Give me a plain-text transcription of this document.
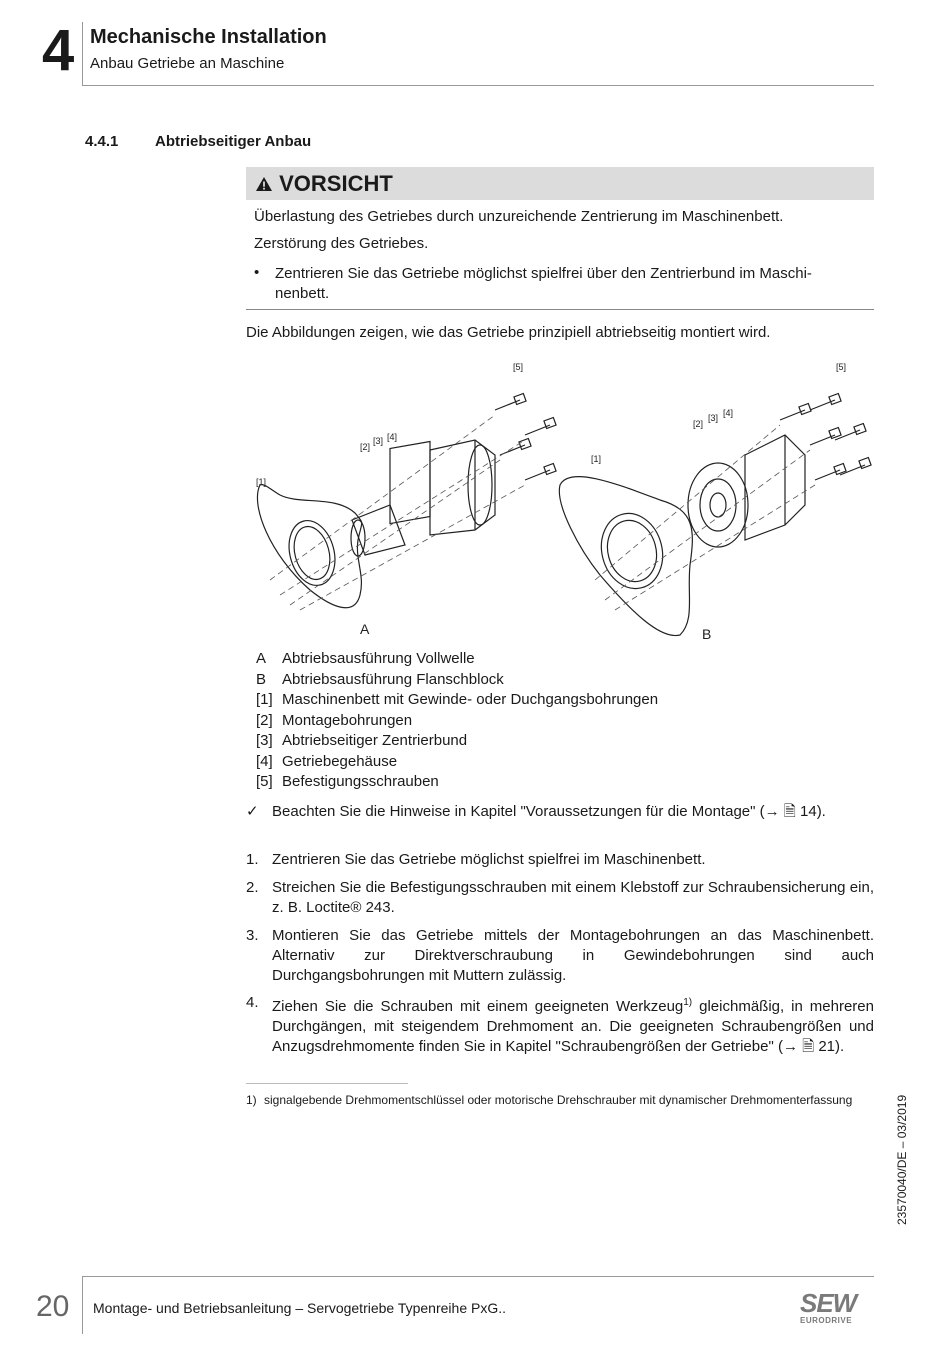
4 Mechanische Installation
Anbau Getriebe an Maschine
4.4.1 Abtriebseitiger Anbau
VORSICHT
Überlastung des Getriebes durch unzureichende Zentrierung im Maschinenbett.
Zerstörung des Getriebes.
• Zentrieren Sie das Getriebe möglichst spielfrei über den Zentrierbund im Maschi-
nenbett.
Die Abbildungen zeigen, wie das Getriebe prinzipiell abtriebseitig montiert wird.
[1]
[2]
[3] [4]
[5]
[1]
[2]
[3] [4]
[5]
A	B
A Abtriebsausführung Vollwelle
B Abtriebsausführung Flanschblock
[1] Maschinenbett mit Gewinde- oder Duchgangsbohrungen
[2] Montagebohrungen
[3] Abtriebseitiger Zentrierbund
[4] Getriebegehäuse
[5] Befestigungsschrauben
✓ Beachten Sie die Hinweise in Kapitel "Voraussetzungen für die Montage" (→ 🗎 14).
1. Zentrieren Sie das Getriebe möglichst spielfrei im Maschinenbett.
2. Streichen Sie die Befestigungsschrauben mit einem Klebstoff zur Schraubensicherung ein, z. B. Loctite® 243.
3. Montieren Sie das Getriebe mittels der Montagebohrungen an das Maschinenbett. Alternativ zur Direktverschraubung in Gewindebohrungen sind auch Durchgangsbohrungen mit Muttern zulässig.
4. Ziehen Sie die Schrauben mit einem geeigneten Werkzeug$^{1)}$ gleichmäßig, in mehreren Durchgängen, mit steigendem Drehmoment an. Die geeigneten Schraubengrößen und Anzugsdrehmomente finden Sie in Kapitel "Schraubengrößen der Getriebe" (→ 🗎 21).
1) signalgebende Drehmomentschlüssel oder motorische Drehschrauber mit dynamischer Drehmomenterfassung	23570040/DE – 03/2019
20 Montage- und Betriebsanleitung – Servogetriebe Typenreihe PxG..	SEW
EURODRIVE
